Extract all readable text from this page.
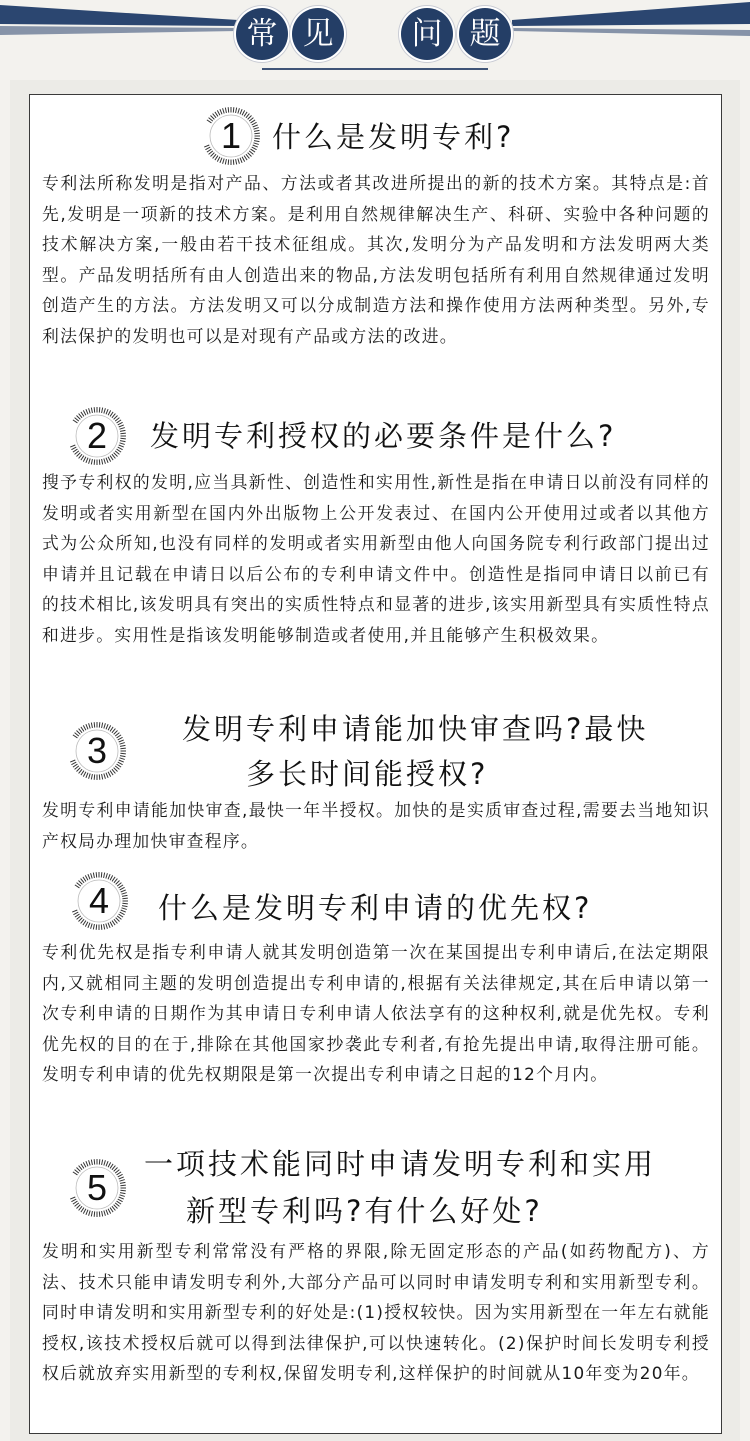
常 见	问 题
1	什么是发明专利?
专利法所称发明是指对产品、方法或者其改进所提出的新的技术方案。其特点是:首先,发明是一项新的技术方案。是利用自然规律解决生产、科研、实验中各种问题的技术解决方案,一般由若干技术征组成。其次,发明分为产品发明和方法发明两大类型。产品发明括所有由人创造出来的物品,方法发明包括所有利用自然规律通过发明创造产生的方法。方法发明又可以分成制造方法和操作使用方法两种类型。另外,专利法保护的发明也可以是对现有产品或方法的改进。
2	发明专利授权的必要条件是什么?
搜予专利权的发明,应当具新性、创造性和实用性,新性是指在申请日以前没有同样的发明或者实用新型在国内外出版物上公开发表过、在国内公开使用过或者以其他方式为公众所知,也没有同样的发明或者实用新型由他人向国务院专利行政部门提出过申请并且记载在申请日以后公布的专利申请文件中。创造性是指同申请日以前已有的技术相比,该发明具有突出的实质性特点和显著的进步,该实用新型具有实质性特点和进步。实用性是指该发明能够制造或者使用,并且能够产生积极效果。
3
发明专利申请能加快审查吗?最快
多长时间能授权?
发明专利申请能加快审查,最快一年半授权。加快的是实质审查过程,需要去当地知识产权局办理加快审查程序。
4	什么是发明专利申请的优先权?
专利优先权是指专利申请人就其发明创造第一次在某国提出专利申请后,在法定期限内,又就相同主题的发明创造提出专利申请的,根据有关法律规定,其在后申请以第一次专利申请的日期作为其申请日专利申请人依法享有的这种权利,就是优先权。专利优先权的目的在于,排除在其他国家抄袭此专利者,有抢先提出申请,取得注册可能。发明专利申请的优先权期限是第一次提出专利申请之日起的12个月内。
5
一项技术能同时申请发明专利和实用
新型专利吗?有什么好处?
发明和实用新型专利常常没有严格的界限,除无固定形态的产品(如药物配方)、方法、技术只能申请发明专利外,大部分产品可以同时申请发明专利和实用新型专利。同时申请发明和实用新型专利的好处是:(1)授权较快。因为实用新型在一年左右就能授权,该技术授权后就可以得到法律保护,可以快速转化。(2)保护时间长发明专利授权后就放弃实用新型的专利权,保留发明专利,这样保护的时间就从10年变为20年。
